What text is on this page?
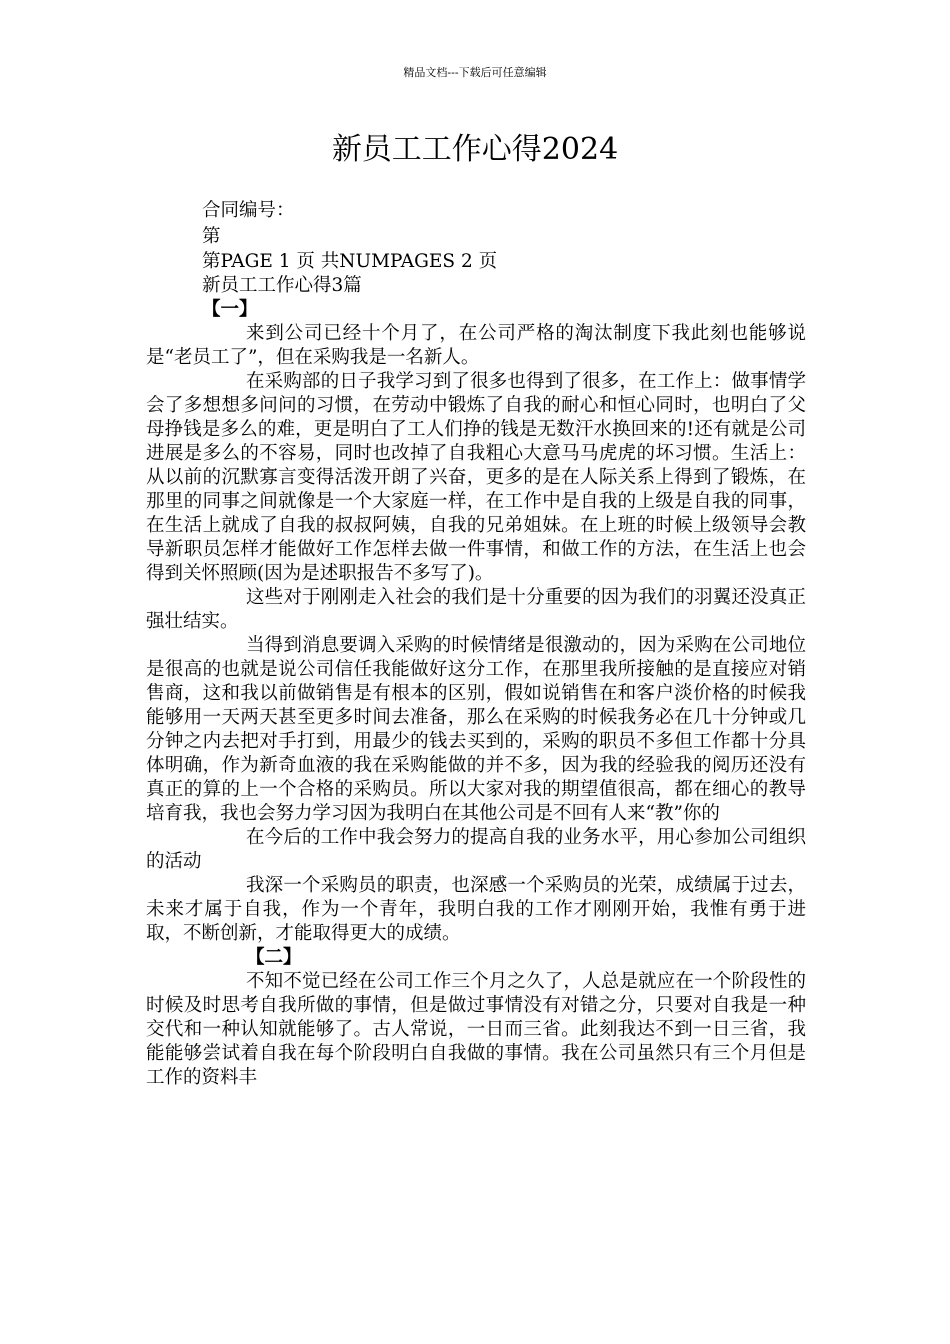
精品文档---下载后可任意编辑
新员工工作心得2024
合同编号：
第
第PAGE 1 页 共NUMPAGES 2 页
新员工工作心得3篇

【一】

来到公司已经十个月了，在公司严格的淘汰制度下我此刻也能够说是“老员工了”，但在采购我是一名新人。

在采购部的日子我学习到了很多也得到了很多，在工作上：做事情学会了多想想多问问的习惯，在劳动中锻炼了自我的耐心和恒心同时，也明白了父母挣钱是多么的难，更是明白了工人们挣的钱是无数汗水换回来的!还有就是公司进展是多么的不容易，同时也改掉了自我粗心大意马马虎虎的坏习惯。生活上：从以前的沉默寡言变得活泼开朗了兴奋，更多的是在人际关系上得到了锻炼，在那里的同事之间就像是一个大家庭一样，在工作中是自我的上级是自我的同事，在生活上就成了自我的叔叔阿姨，自我的兄弟姐妹。在上班的时候上级领导会教导新职员怎样才能做好工作怎样去做一件事情，和做工作的方法，在生活上也会得到关怀照顾(因为是述职报告不多写了)。

这些对于刚刚走入社会的我们是十分重要的因为我们的羽翼还没真正强壮结实。

当得到消息要调入采购的时候情绪是很激动的，因为采购在公司地位是很高的也就是说公司信任我能做好这分工作，在那里我所接触的是直接应对销售商，这和我以前做销售是有根本的区别，假如说销售在和客户淡价格的时候我能够用一天两天甚至更多时间去准备，那么在采购的时候我务必在几十分钟或几分钟之内去把对手打到，用最少的钱去买到的，采购的职员不多但工作都十分具体明确，作为新奇血液的我在采购能做的并不多，因为我的经验我的阅历还没有真正的算的上一个合格的采购员。所以大家对我的期望值很高，都在细心的教导培育我，我也会努力学习因为我明白在其他公司是不回有人来“教”你的

在今后的工作中我会努力的提高自我的业务水平，用心参加公司组织的活动

我深一个采购员的职责，也深感一个采购员的光荣，成绩属于过去，未来才属于自我，作为一个青年，我明白我的工作才刚刚开始，我惟有勇于进取，不断创新，才能取得更大的成绩。

【二】

不知不觉已经在公司工作三个月之久了，人总是就应在一个阶段性的时候及时思考自我所做的事情，但是做过事情没有对错之分，只要对自我是一种交代和一种认知就能够了。古人常说，一日而三省。此刻我达不到一日三省，我能能够尝试着自我在每个阶段明白自我做的事情。我在公司虽然只有三个月但是工作的资料丰
